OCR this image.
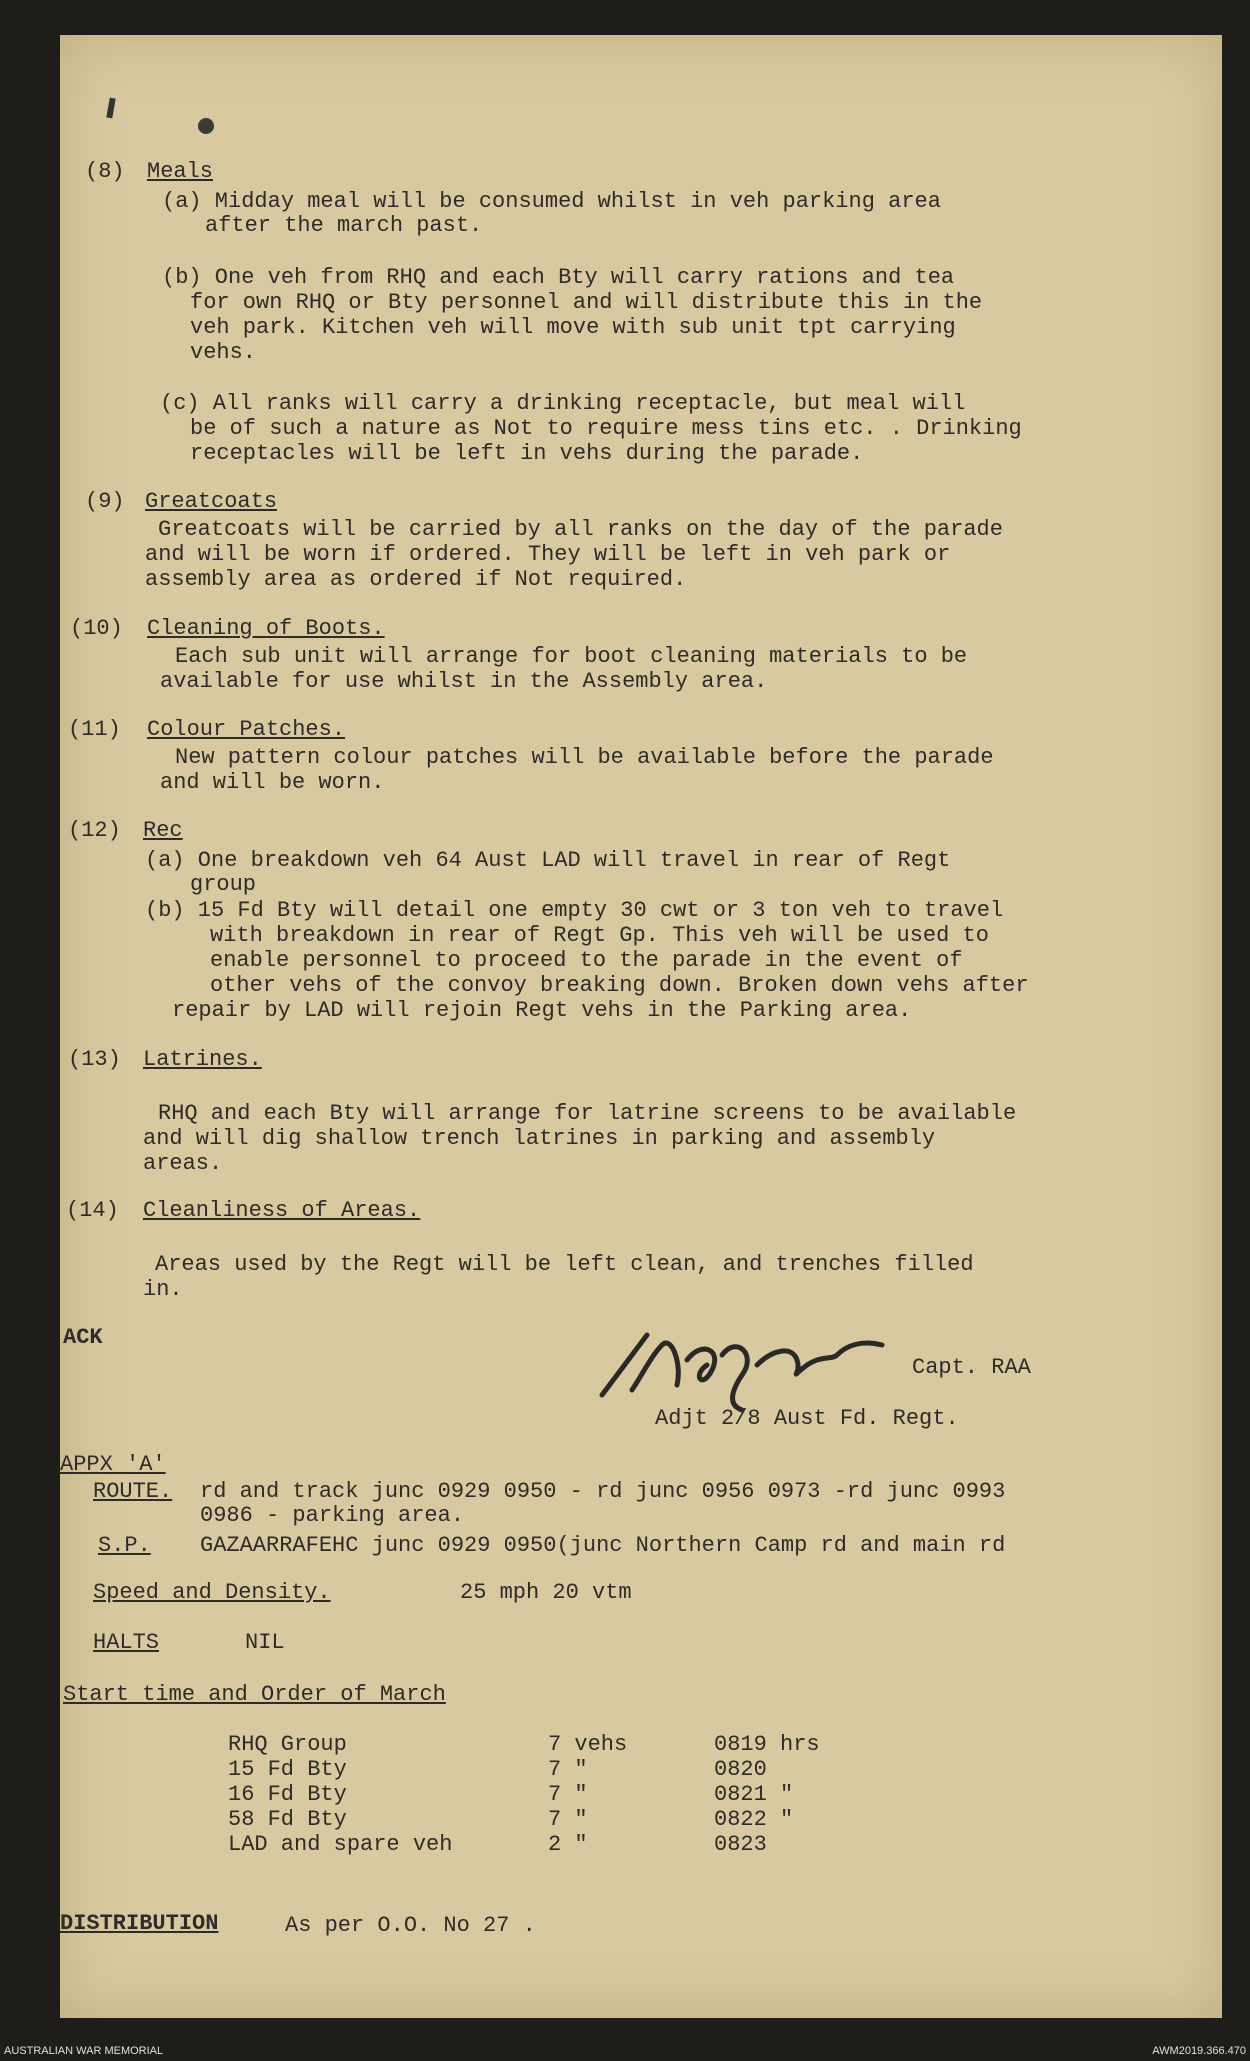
(8) Meals
(a) Midday meal will be consumed whilst in veh parking area
after the march past.
(b) One veh from RHQ and each Bty will carry rations and tea
for own RHQ or Bty personnel and will distribute this in the
veh park. Kitchen veh will move with sub unit tpt carrying
vehs.
(c) All ranks will carry a drinking receptacle, but meal will
be of such a nature as Not to require mess tins etc. . Drinking
receptacles will be left in vehs during the parade.
(9) Greatcoats
Greatcoats will be carried by all ranks on the day of the parade
and will be worn if ordered. They will be left in veh park or
assembly area as ordered if Not required.
(10) Cleaning of Boots.
Each sub unit will arrange for boot cleaning materials to be
available for use whilst in the Assembly area.
(11) Colour Patches.
New pattern colour patches will be available before the parade
and will be worn.
(12) Rec
(a) One breakdown veh 64 Aust LAD will travel in rear of Regt
group
(b) 15 Fd Bty will detail one empty 30 cwt or 3 ton veh to travel
with breakdown in rear of Regt Gp. This veh will be used to
enable personnel to proceed to the parade in the event of
other vehs of the convoy breaking down. Broken down vehs after
repair by LAD will rejoin Regt vehs in the Parking area.
(13) Latrines.
RHQ and each Bty will arrange for latrine screens to be available
and will dig shallow trench latrines in parking and assembly
areas.
(14) Cleanliness of Areas.
Areas used by the Regt will be left clean, and trenches filled
in.
ACK
Capt. RAA
Adjt 2/8 Aust Fd. Regt.
APPX 'A'
ROUTE. rd and track junc 0929 0950 - rd junc 0956 0973 -rd junc 0993
0986 - parking area.
S.P. GAZAARRAFEHC junc 0929 0950(junc Northern Camp rd and main rd
Speed and Density.	25 mph 20 vtm
HALTS	NIL
Start time and Order of March
RHQ Group	7 vehs	0819 hrs
15 Fd Bty	7 "	0820
16 Fd Bty	7 "	0821 "
58 Fd Bty	7 "	0822 "
LAD and spare veh	2 "	0823
DISTRIBUTION	As per O.O. No 27 .
AUSTRALIAN WAR MEMORIAL	AWM2019.366.470
